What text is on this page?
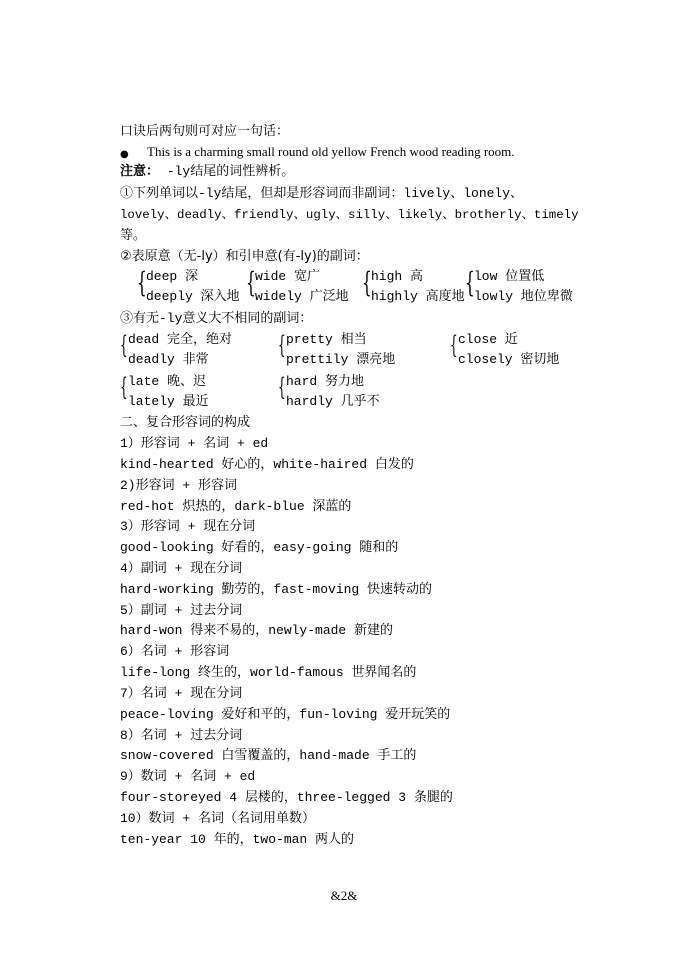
口诀后两句则可对应一句话：
● This is a charming small round old yellow French wood reading room.
注意： -ly结尾的词性辨析。
①下列单词以-ly结尾，但却是形容词而非副词：lively、lonely、
lovely、deadly、friendly、ugly、silly、likely、brotherly、timely
等。
②表原意（无-ly）和引申意(有-ly)的副词：
{ deep 深
deeply 深入地 { wide 宽广
widely 广泛地 { high 高
highly 高度地 { low 位置低
lowly 地位卑微
③有无-ly意义大不相同的副词：
{ dead 完全，绝对
deadly 非常
{ pretty 相当
prettily 漂亮地
{ close 近
closely 密切地
{ late 晚、迟
lately 最近
{ hard 努力地
hardly 几乎不
二、复合形容词的构成
1）形容词 + 名词 + ed
kind-hearted 好心的，white-haired 白发的
2)形容词 + 形容词
red-hot 炽热的，dark-blue 深蓝的
3）形容词 + 现在分词
good-looking 好看的，easy-going 随和的
4）副词 + 现在分词
hard-working 勤劳的，fast-moving 快速转动的
5）副词 + 过去分词
hard-won 得来不易的，newly-made 新建的
6）名词 + 形容词
life-long 终生的，world-famous 世界闻名的
7）名词 + 现在分词
peace-loving 爱好和平的，fun-loving 爱开玩笑的
8）名词 + 过去分词
snow-covered 白雪覆盖的，hand-made 手工的
9）数词 + 名词 + ed
four-storeyed 4 层楼的，three-legged 3 条腿的
10）数词 + 名词（名词用单数）
ten-year 10 年的，two-man 两人的
&2&
